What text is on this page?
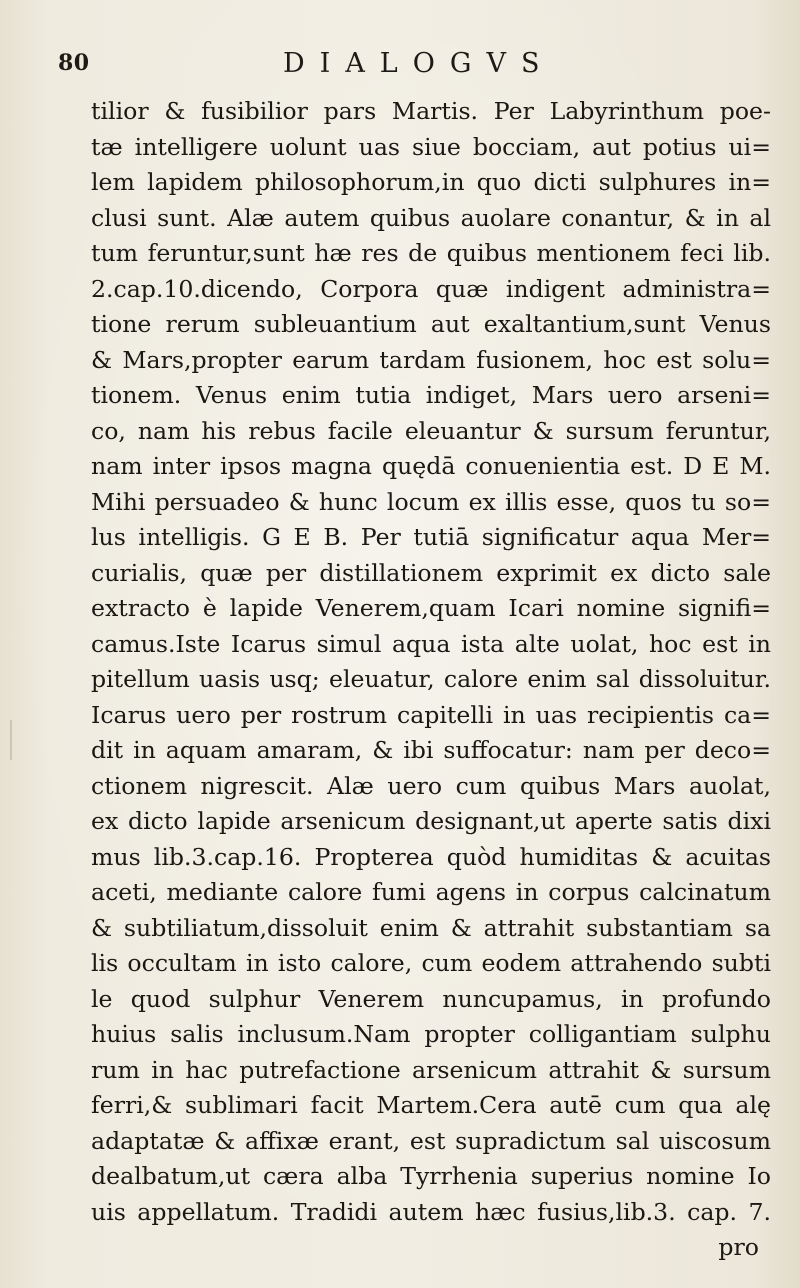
80	DIALOGVS
tilior & fusibilior pars Martis. Per Labyrinthum poe-
tæ intelligere uolunt uas siue bocciam, aut potius ui=
lem lapidem philosophorum,in quo dicti sulphures in=
clusi sunt. Alæ autem quibus auolare conantur, & in al
tum feruntur,sunt hæ res de quibus mentionem feci lib.
2.cap.10.dicendo, Corpora quæ indigent administra=
tione rerum subleuantium aut exaltantium,sunt Venus
& Mars,propter earum tardam fusionem, hoc est solu=
tionem. Venus enim tutia indiget, Mars uero arseni=
co, nam his rebus facile eleuantur & sursum feruntur,
nam inter ipsos magna quędā conuenientia est. D E M.
Mihi persuadeo & hunc locum ex illis esse, quos tu so=
lus intelligis. G E B. Per tutiā significatur aqua Mer=
curialis, quæ per distillationem exprimit ex dicto sale
extracto è lapide Venerem,quam Icari nomine signifi=
camus.Iste Icarus simul aqua ista alte uolat, hoc est in
pitellum uasis usq; eleuatur, calore enim sal dissoluitur.
Icarus uero per rostrum capitelli in uas recipientis ca=
dit in aquam amaram, & ibi suffocatur: nam per deco=
ctionem nigrescit. Alæ uero cum quibus Mars auolat,
ex dicto lapide arsenicum designant,ut aperte satis dixi
mus lib.3.cap.16. Propterea quòd humiditas & acuitas
aceti, mediante calore fumi agens in corpus calcinatum
& subtiliatum,dissoluit enim & attrahit substantiam sa
lis occultam in isto calore, cum eodem attrahendo subti
le quod sulphur Venerem nuncupamus, in profundo
huius salis inclusum.Nam propter colligantiam sulphu
rum in hac putrefactione arsenicum attrahit & sursum
ferri,& sublimari facit Martem.Cera autē cum qua alę
adaptatæ & affixæ erant, est supradictum sal uiscosum
dealbatum,ut cæra alba Tyrrhenia superius nomine Io
uis appellatum. Tradidi autem hæc fusius,lib.3. cap. 7.
pro
